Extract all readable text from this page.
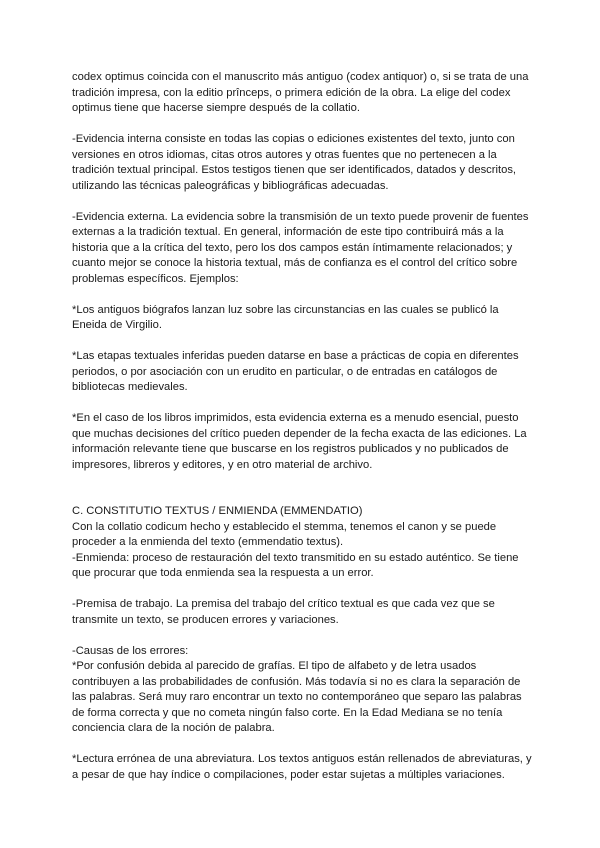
codex optimus coincida con el manuscrito más antiguo (codex antiquor) o, si se trata de una tradición impresa, con la editio prînceps, o primera edición de la obra. La elige del codex optimus tiene que hacerse siempre después de la collatio.

-Evidencia interna consiste en todas las copias o ediciones existentes del texto, junto con versiones en otros idiomas, citas otros autores y otras fuentes que no pertenecen a la tradición textual principal. Estos testigos tienen que ser identificados, datados y descritos, utilizando las técnicas paleográficas y bibliográficas adecuadas.

-Evidencia externa. La evidencia sobre la transmisión de un texto puede provenir de fuentes externas a la tradición textual. En general, información de este tipo contribuirá más a la historia que a la crítica del texto, pero los dos campos están íntimamente relacionados; y cuanto mejor se conoce la historia textual, más de confianza es el control del crítico sobre problemas específicos. Ejemplos:

*Los antiguos biógrafos lanzan luz sobre las circunstancias en las cuales se publicó la Eneida de Virgilio.

*Las etapas textuales inferidas pueden datarse en base a prácticas de copia en diferentes periodos, o por asociación con un erudito en particular, o de entradas en catálogos de bibliotecas medievales.

*En el caso de los libros imprimidos, esta evidencia externa es a menudo esencial, puesto que muchas decisiones del crítico pueden depender de la fecha exacta de las ediciones. La información relevante tiene que buscarse en los registros publicados y no publicados de impresores, libreros y editores, y en otro material de archivo.

C. CONSTITUTIO TEXTUS / ENMIENDA (EMMENDATIO)

Con la collatio codicum hecho y establecido el stemma, tenemos el canon y se puede proceder a la enmienda del texto (emmendatio textus).

-Enmienda: proceso de restauración del texto transmitido en su estado auténtico. Se tiene que procurar que toda enmienda sea la respuesta a un error.

-Premisa de trabajo. La premisa del trabajo del crítico textual es que cada vez que se transmite un texto, se producen errores y variaciones.

-Causas de los errores:

*Por confusión debida al parecido de grafías. El tipo de alfabeto y de letra usados contribuyen a las probabilidades de confusión. Más todavía si no es clara la separación de las palabras. Será muy raro encontrar un texto no contemporáneo que separo las palabras de forma correcta y que no cometa ningún falso corte. En la Edad Mediana se no tenía conciencia clara de la noción de palabra.

*Lectura errónea de una abreviatura. Los textos antiguos están rellenados de abreviaturas, y a pesar de que hay índice o compilaciones, poder estar sujetas a múltiples variaciones.
